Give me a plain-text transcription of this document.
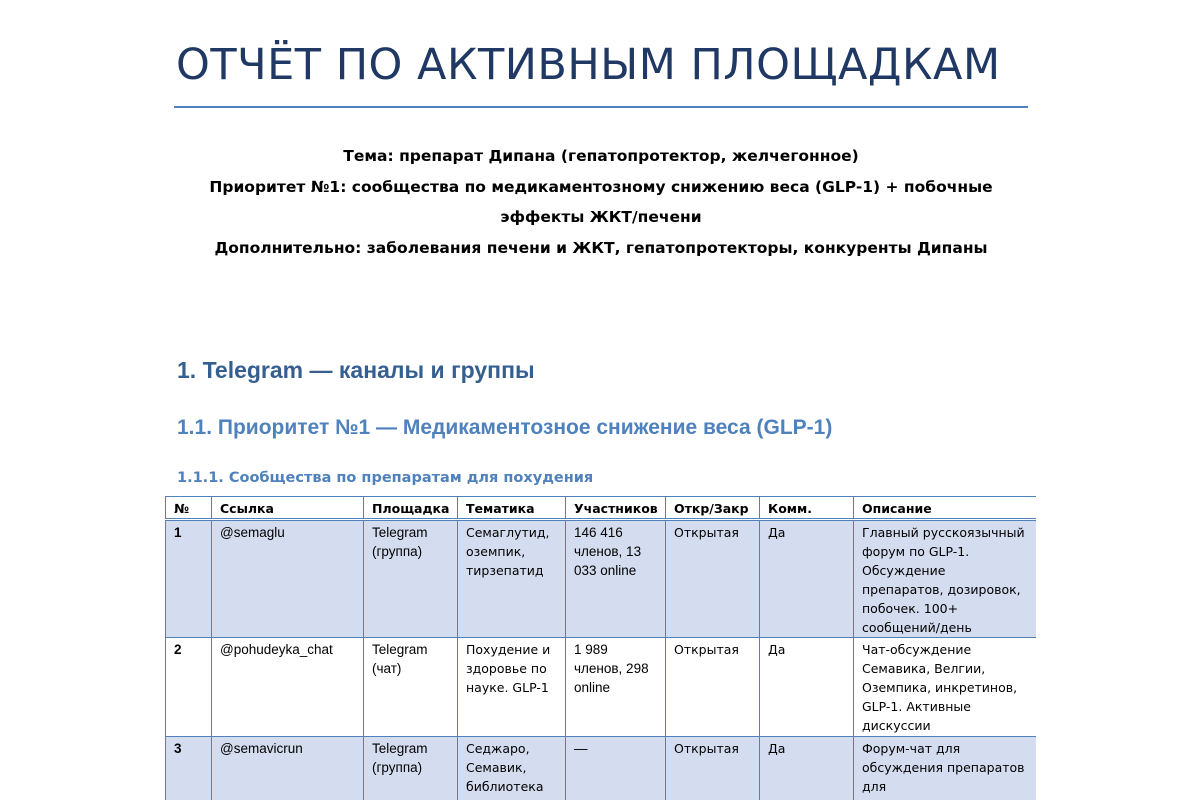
ОТЧЁТ ПО АКТИВНЫМ ПЛОЩАДКАМ

Тема: препарат Дипана (гепатопротектор, желчегонное)

Приоритет №1: сообщества по медикаментозному снижению веса (GLP-1) + побочные эффекты ЖКТ/печени

Дополнительно: заболевания печени и ЖКТ, гепатопротекторы, конкуренты Дипаны

1. Telegram — каналы и группы
1.1. Приоритет №1 — Медикаментозное снижение веса (GLP-1)
1.1.1. Сообщества по препаратам для похудения
№	Ссылка	Площадка	Тематика	Участников	Откр/Закр	Комм.	Описание
1	@semaglu	Telegram (группа)	Семаглутид, оземпик, тирзепатид	146 416 членов, 13 033 online	Открытая	Да	Главный русскоязычный форум по GLP-1. Обсуждение препаратов, дозировок, побочек. 100+ сообщений/день
2	@pohudeyka_chat	Telegram (чат)	Похудение и здоровье по науке. GLP-1	1 989 членов, 298 online	Открытая	Да	Чат-обсуждение Семавика, Велгии, Оземпика, инкретинов, GLP-1. Активные дискуссии
3	@semavicrun	Telegram (группа)	Седжаро, Семавик, библиотека	—	Открытая	Да	Форум-чат для обсуждения препаратов для
